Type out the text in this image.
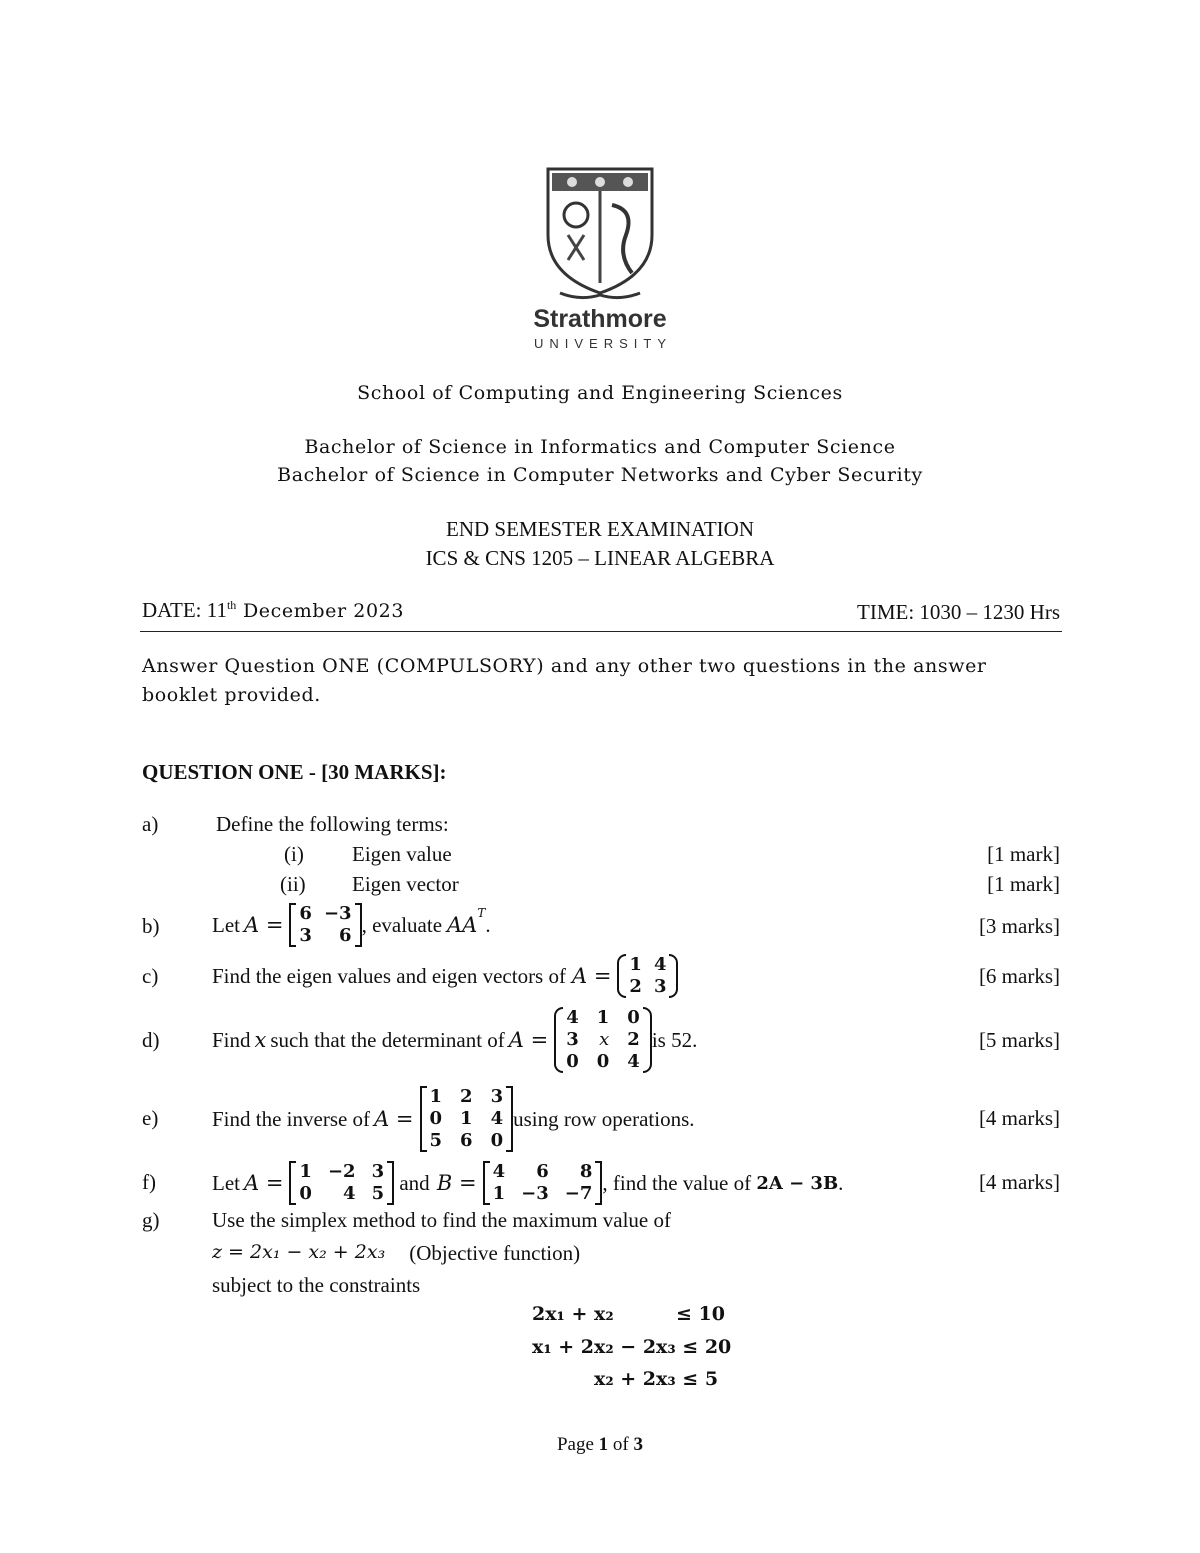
Strathmore
UNIVERSITY
School of Computing and Engineering Sciences
Bachelor of Science in Informatics and Computer Science
Bachelor of Science in Computer Networks and Cyber Security
END SEMESTER EXAMINATION
ICS & CNS 1205 – LINEAR ALGEBRA
DATE: 11th December 2023	TIME: 1030 – 1230 Hrs
Answer Question ONE (COMPULSORY) and any other two questions in the answer
booklet provided.
QUESTION ONE - [30 MARKS]:
a)	Define the following terms:
(i) Eigen value	[1 mark]
(ii) Eigen vector	[1 mark]
b)	Let A = 6 −3
3	6 , evaluate $AA^T$ .	[3 marks]
c)	Find the eigen values and eigen vectors of A = 1 4
2 3	[6 marks]
d)	Find x such that the determinant of A =
4 1 0
3 x 2
0 0 4
is 52.	[5 marks]
e)	Find the inverse of A =
1 2 3
0 1 4
5 6 0
using row operations.	[4 marks]
f)	Let A = 1 −2 3
0	4 5 and B = 4	6	8
1 −3 −7 , find the value of 2A − 3B .	[4 marks]
g)	Use the simplex method to find the maximum value of
z = 2x₁ − x₂ + 2x₃ (Objective function)
subject to the constraints
2x₁ + x₂	≤ 10
x₁ + 2x₂ − 2x₃ ≤ 20
x₂ + 2x₃ ≤ 5
Page 1 of 3
